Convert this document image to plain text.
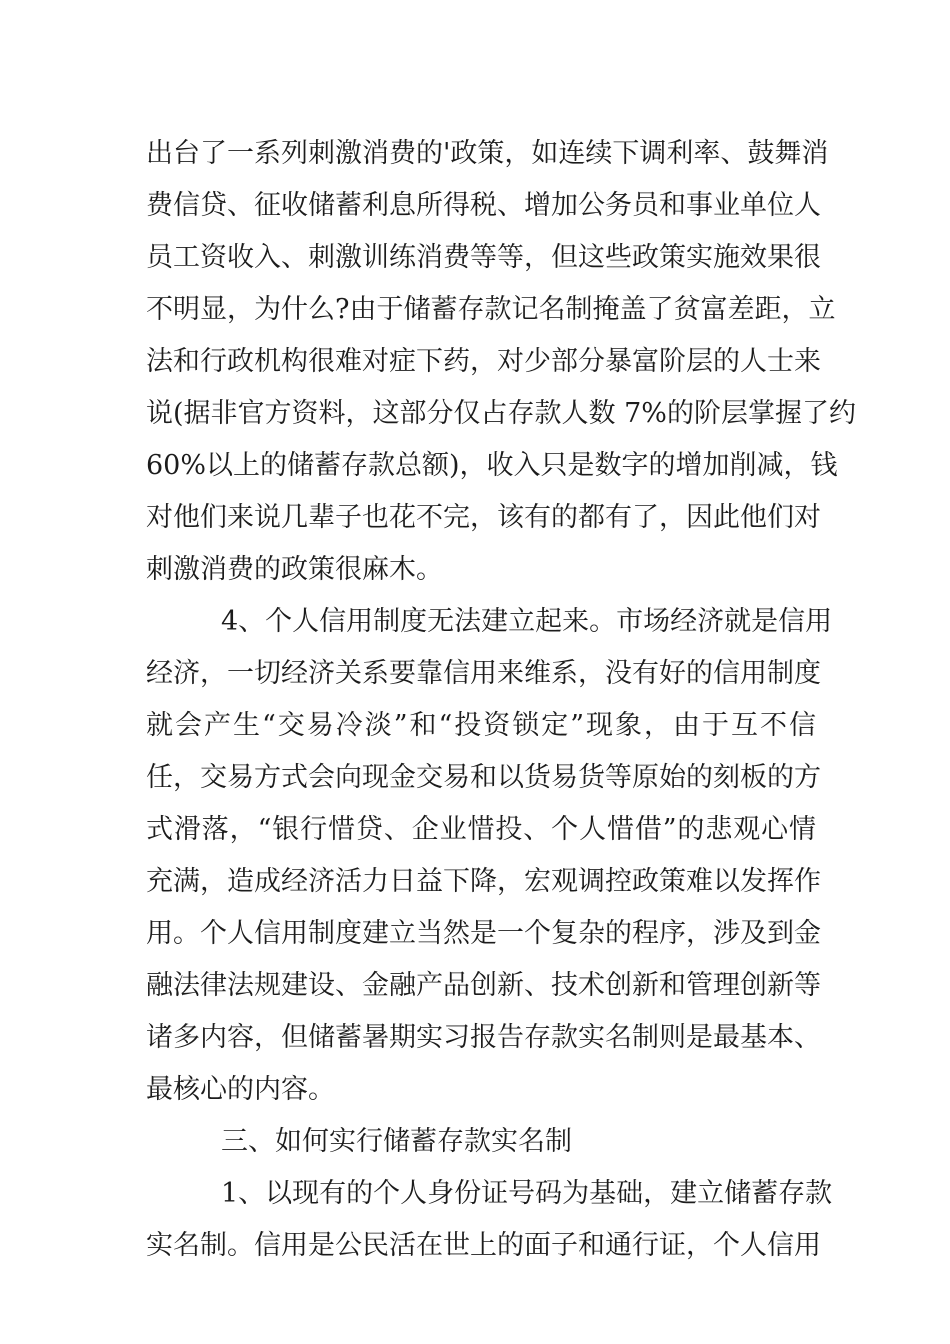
出台了一系列刺激消费的'政策，如连续下调利率、鼓舞消
费信贷、征收储蓄利息所得税、增加公务员和事业单位人
员工资收入、刺激训练消费等等，但这些政策实施效果很
不明显，为什么?由于储蓄存款记名制掩盖了贫富差距，立
法和行政机构很难对症下药，对少部分暴富阶层的人士来
说(据非官方资料，这部分仅占存款人数 7%的阶层掌握了约
60%以上的储蓄存款总额)，收入只是数字的增加削减，钱
对他们来说几辈子也花不完，该有的都有了，因此他们对
刺激消费的政策很麻木。
4、个人信用制度无法建立起来。市场经济就是信用
经济，一切经济关系要靠信用来维系，没有好的信用制度
就会产生“交易冷淡”和“投资锁定”现象，由于互不信
任，交易方式会向现金交易和以货易货等原始的刻板的方
式滑落，“银行惜贷、企业惜投、个人惜借”的悲观心情
充满，造成经济活力日益下降，宏观调控政策难以发挥作
用。个人信用制度建立当然是一个复杂的程序，涉及到金
融法律法规建设、金融产品创新、技术创新和管理创新等
诸多内容，但储蓄暑期实习报告存款实名制则是最基本、
最核心的内容。
三、如何实行储蓄存款实名制
1、以现有的个人身份证号码为基础，建立储蓄存款
实名制。信用是公民活在世上的面子和通行证，个人信用
